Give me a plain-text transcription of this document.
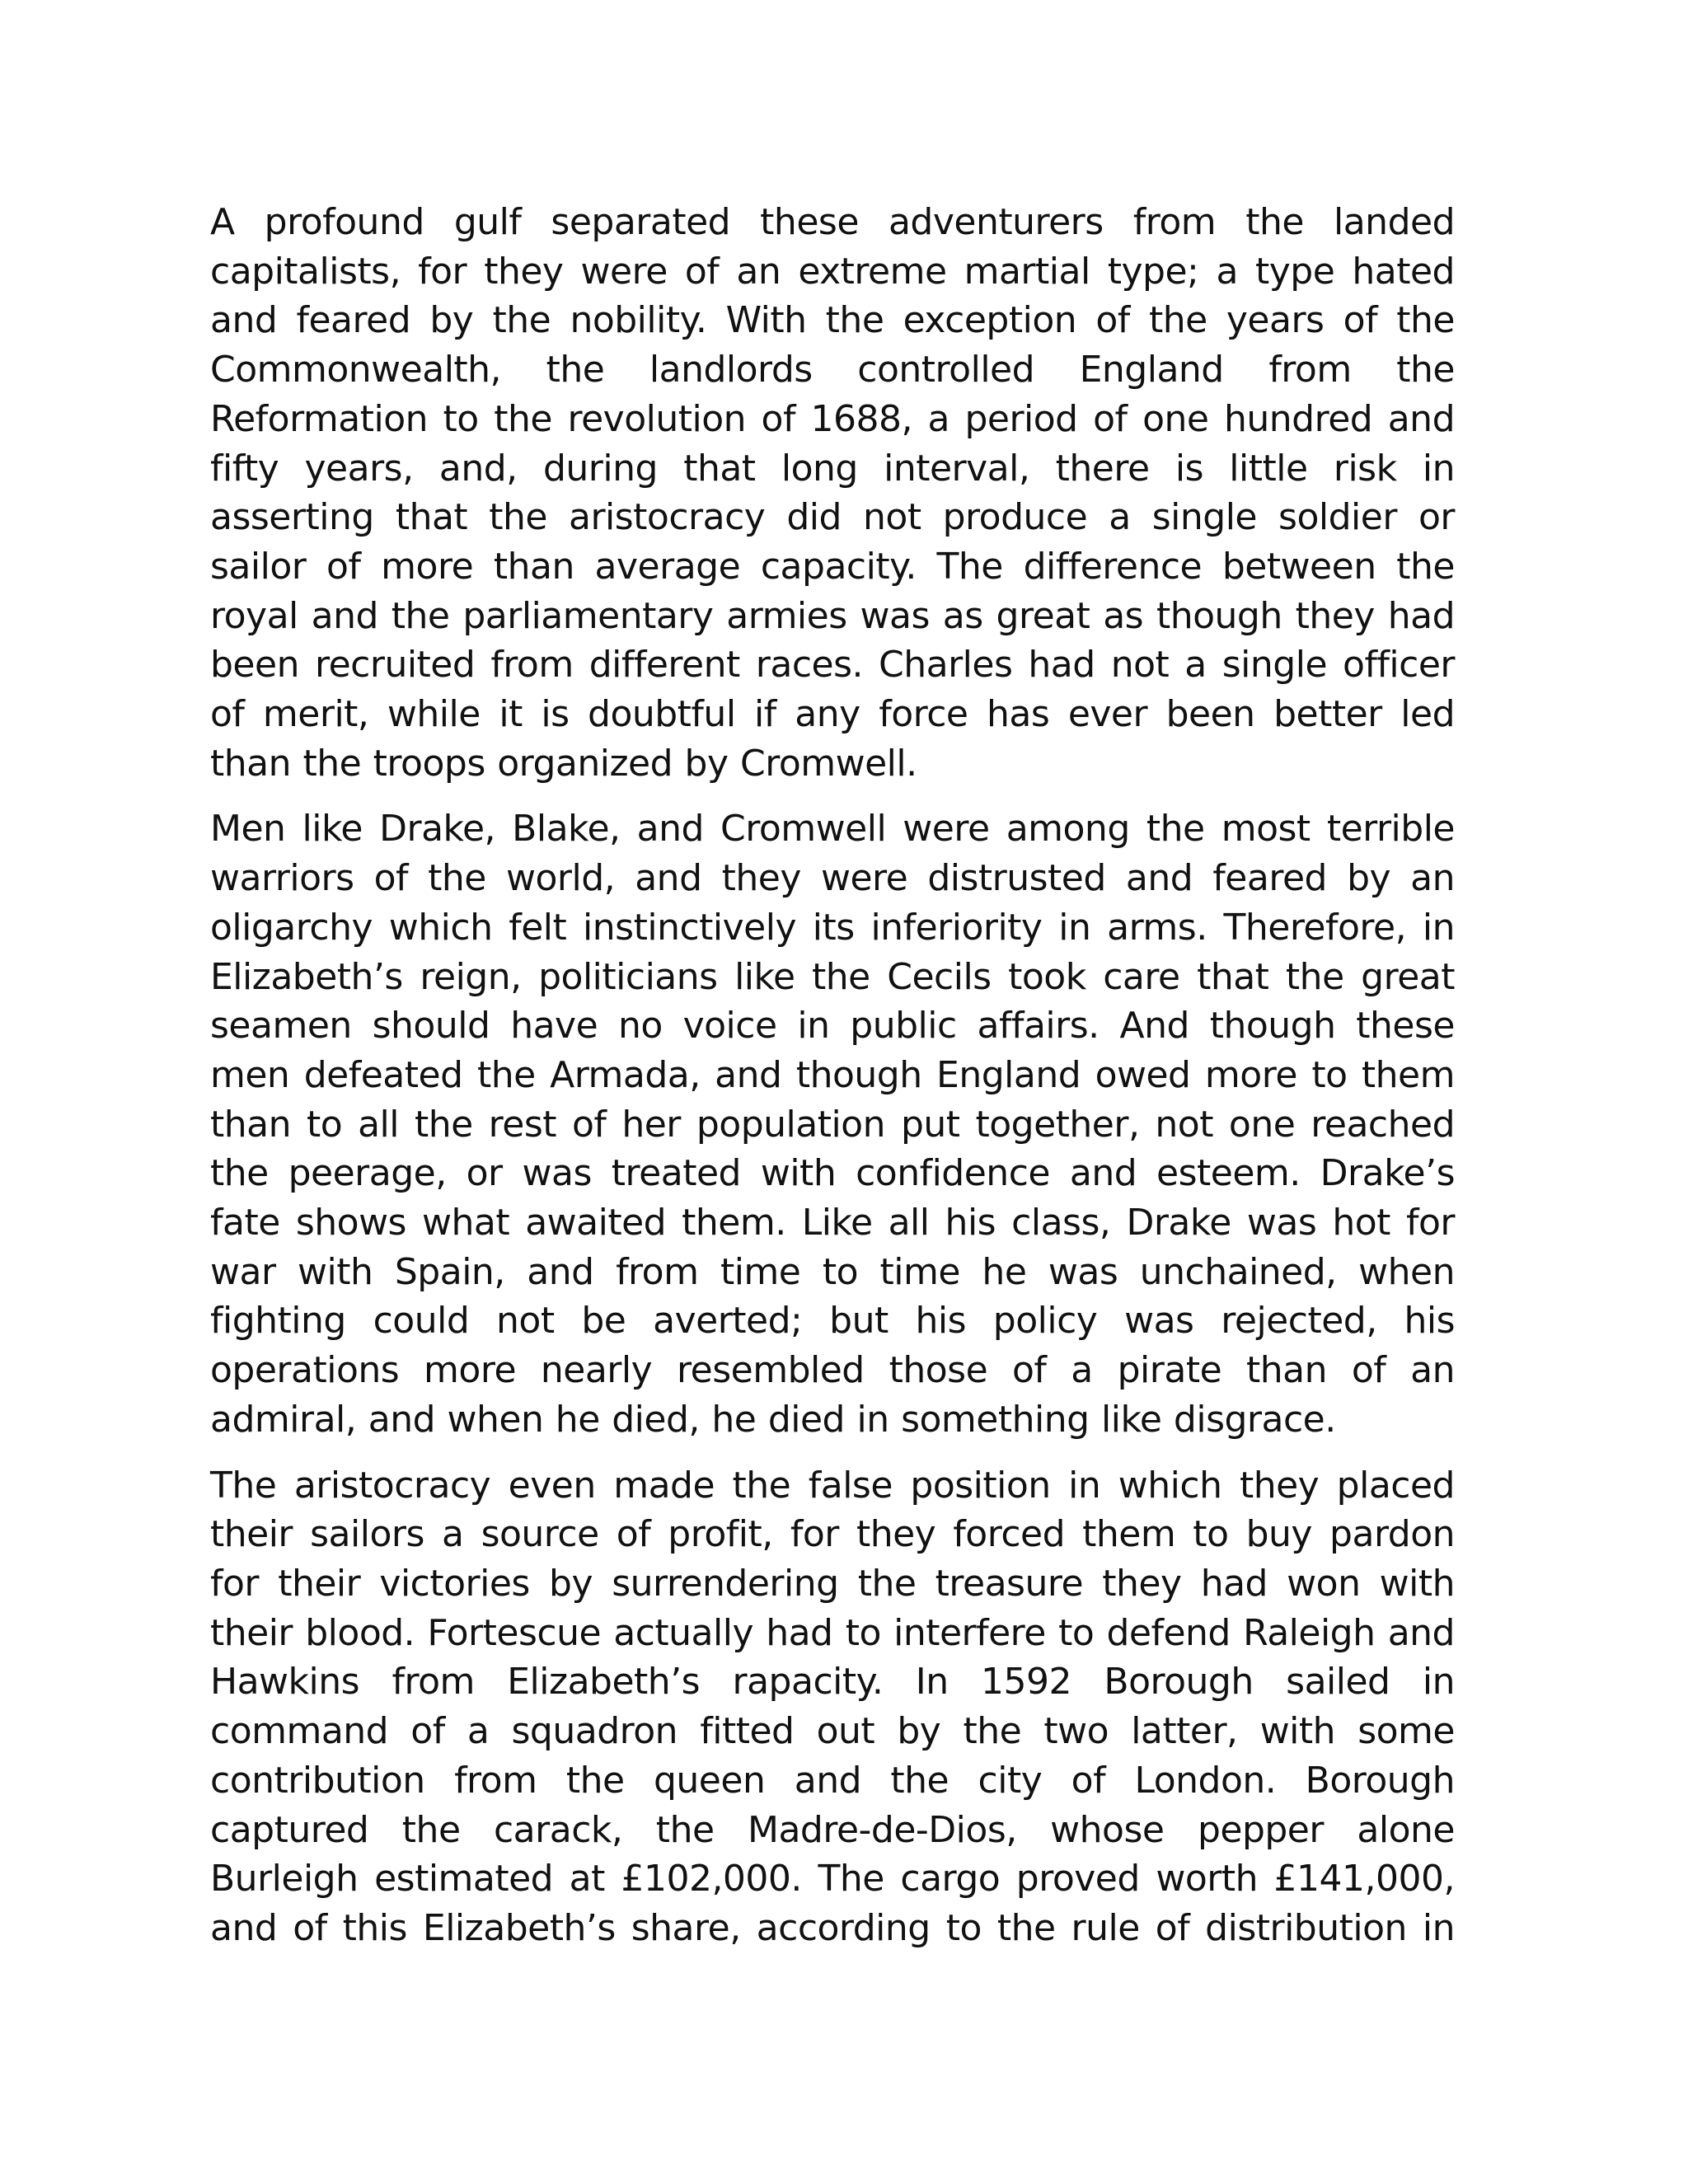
A profound gulf separated these adventurers from the landed
capitalists, for they were of an extreme martial type; a type hated
and feared by the nobility. With the exception of the years of the
Commonwealth, the landlords controlled England from the
Reformation to the revolution of 1688, a period of one hundred and
fifty years, and, during that long interval, there is little risk in
asserting that the aristocracy did not produce a single soldier or
sailor of more than average capacity. The difference between the
royal and the parliamentary armies was as great as though they had
been recruited from different races. Charles had not a single officer
of merit, while it is doubtful if any force has ever been better led
than the troops organized by Cromwell.

Men like Drake, Blake, and Cromwell were among the most terrible
warriors of the world, and they were distrusted and feared by an
oligarchy which felt instinctively its inferiority in arms. Therefore, in
Elizabeth’s reign, politicians like the Cecils took care that the great
seamen should have no voice in public affairs. And though these
men defeated the Armada, and though England owed more to them
than to all the rest of her population put together, not one reached
the peerage, or was treated with confidence and esteem. Drake’s
fate shows what awaited them. Like all his class, Drake was hot for
war with Spain, and from time to time he was unchained, when
fighting could not be averted; but his policy was rejected, his
operations more nearly resembled those of a pirate than of an
admiral, and when he died, he died in something like disgrace.

The aristocracy even made the false position in which they placed
their sailors a source of profit, for they forced them to buy pardon
for their victories by surrendering the treasure they had won with
their blood. Fortescue actually had to interfere to defend Raleigh and
Hawkins from Elizabeth’s rapacity. In 1592 Borough sailed in
command of a squadron fitted out by the two latter, with some
contribution from the queen and the city of London. Borough
captured the carack, the Madre-de-Dios, whose pepper alone
Burleigh estimated at £102,000. The cargo proved worth £141,000,
and of this Elizabeth’s share, according to the rule of distribution in
